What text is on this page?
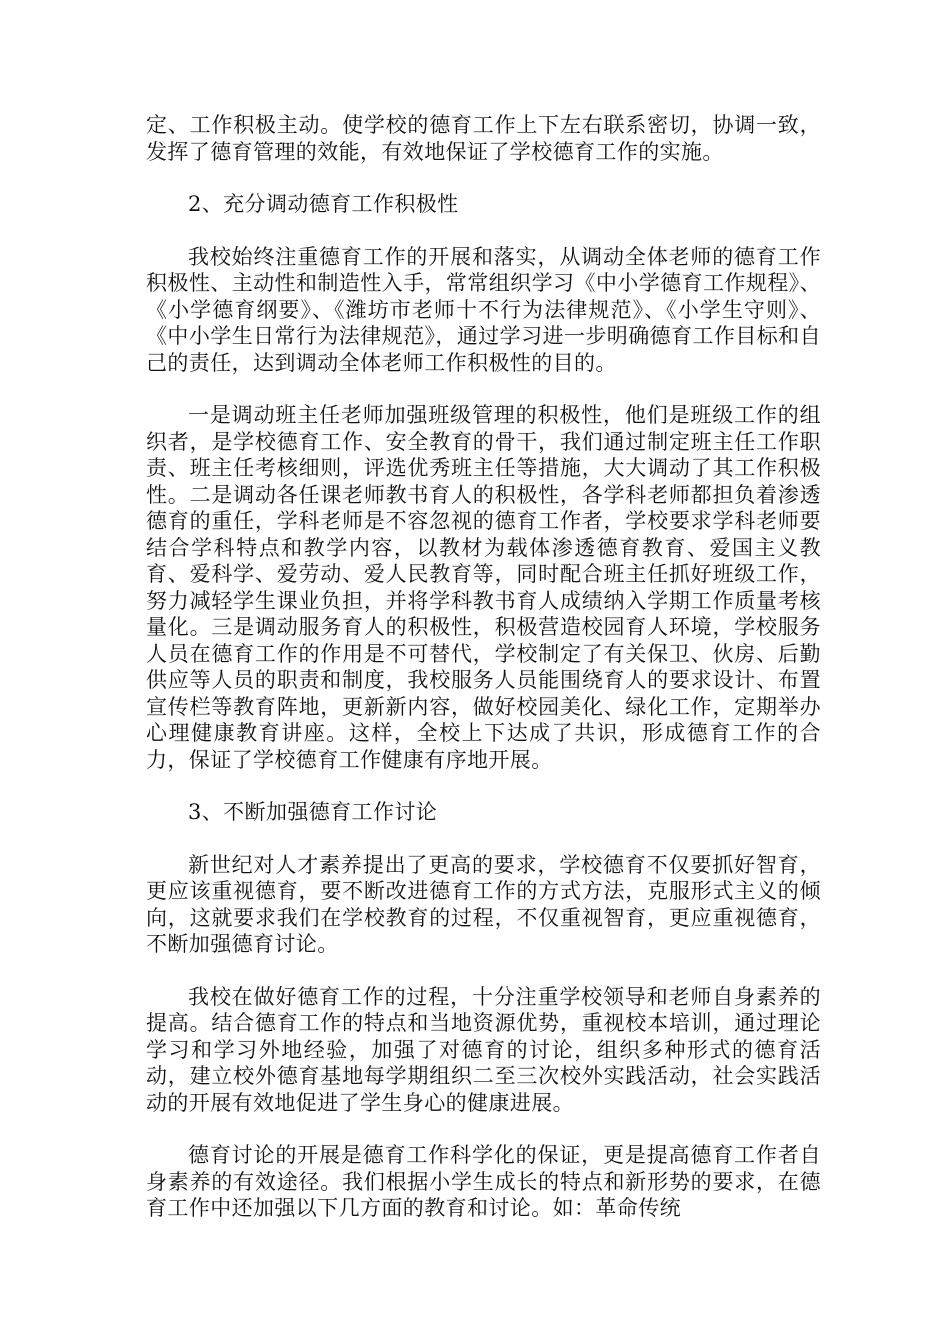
定、工作积极主动。使学校的德育工作上下左右联系密切，协调一致，发挥了德育管理的效能，有效地保证了学校德育工作的实施。

2、充分调动德育工作积极性

我校始终注重德育工作的开展和落实，从调动全体老师的德育工作积极性、主动性和制造性入手，常常组织学习《中小学德育工作规程》、《小学德育纲要》、《潍坊市老师十不行为法律规范》、《小学生守则》、《中小学生日常行为法律规范》，通过学习进一步明确德育工作目标和自己的责任，达到调动全体老师工作积极性的目的。

一是调动班主任老师加强班级管理的积极性，他们是班级工作的组织者，是学校德育工作、安全教育的骨干，我们通过制定班主任工作职责、班主任考核细则，评选优秀班主任等措施，大大调动了其工作积极性。二是调动各任课老师教书育人的积极性，各学科老师都担负着渗透德育的重任，学科老师是不容忽视的德育工作者，学校要求学科老师要结合学科特点和教学内容，以教材为载体渗透德育教育、爱国主义教育、爱科学、爱劳动、爱人民教育等，同时配合班主任抓好班级工作，努力减轻学生课业负担，并将学科教书育人成绩纳入学期工作质量考核量化。三是调动服务育人的积极性，积极营造校园育人环境，学校服务人员在德育工作的作用是不可替代，学校制定了有关保卫、伙房、后勤供应等人员的职责和制度，我校服务人员能围绕育人的要求设计、布置宣传栏等教育阵地，更新新内容，做好校园美化、绿化工作，定期举办心理健康教育讲座。这样，全校上下达成了共识，形成德育工作的合力，保证了学校德育工作健康有序地开展。

3、不断加强德育工作讨论

新世纪对人才素养提出了更高的要求，学校德育不仅要抓好智育，更应该重视德育，要不断改进德育工作的方式方法，克服形式主义的倾向，这就要求我们在学校教育的过程，不仅重视智育，更应重视德育，不断加强德育讨论。

我校在做好德育工作的过程，十分注重学校领导和老师自身素养的提高。结合德育工作的特点和当地资源优势，重视校本培训，通过理论学习和学习外地经验，加强了对德育的讨论，组织多种形式的德育活动，建立校外德育基地每学期组织二至三次校外实践活动，社会实践活动的开展有效地促进了学生身心的健康进展。

德育讨论的开展是德育工作科学化的保证，更是提高德育工作者自身素养的有效途径。我们根据小学生成长的特点和新形势的要求，在德育工作中还加强以下几方面的教育和讨论。如：革命传统
